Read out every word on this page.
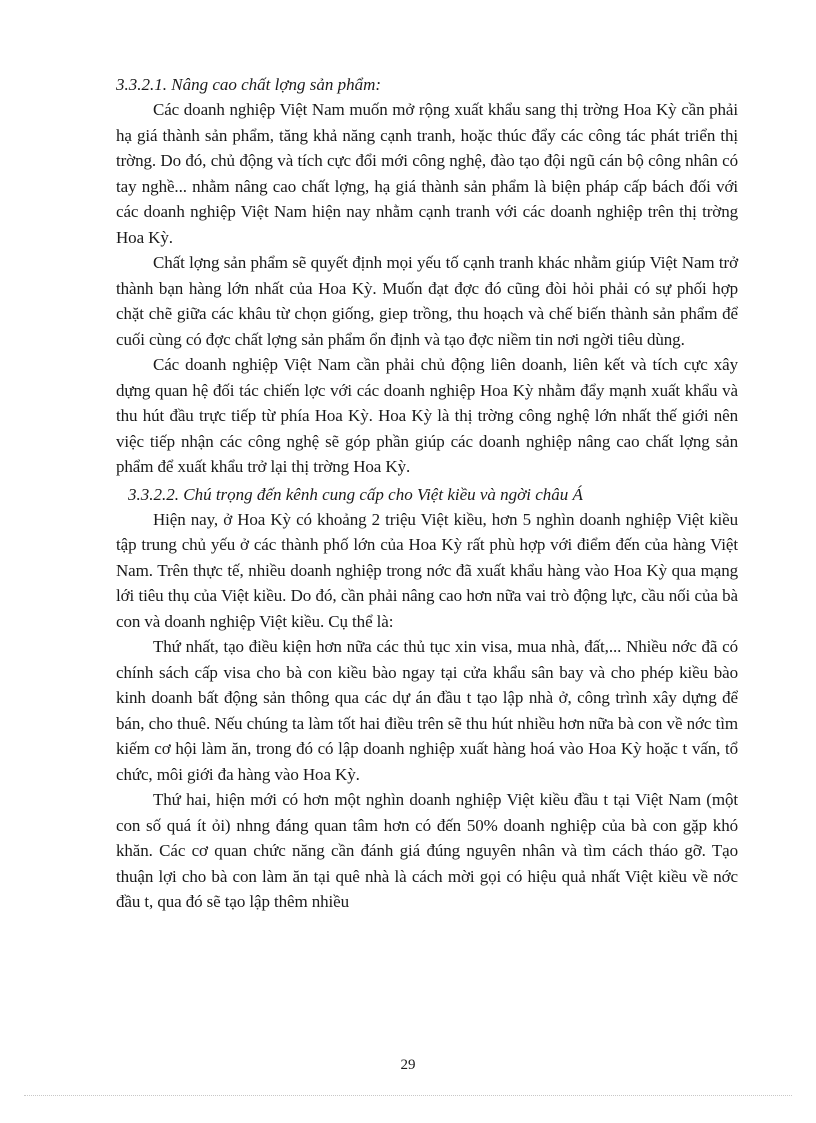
3.3.2.1. Nâng cao chất lợng sản phẩm:

Các doanh nghiệp Việt Nam muốn mở rộng xuất khẩu sang thị trờng Hoa Kỳ cần phải hạ giá thành sản phẩm, tăng khả năng cạnh tranh, hoặc thúc đẩy các công tác phát triển thị trờng. Do đó, chủ động và tích cực đổi mới công nghệ, đào tạo đội ngũ cán bộ công nhân có tay nghề... nhằm nâng cao chất lợng, hạ giá thành sản phẩm là biện pháp cấp bách đối với các doanh nghiệp Việt Nam hiện nay nhằm cạnh tranh với các doanh nghiệp trên thị trờng Hoa Kỳ.

Chất lợng sản phẩm sẽ quyết định mọi yếu tố cạnh tranh khác nhằm giúp Việt Nam trở thành bạn hàng lớn nhất của Hoa Kỳ. Muốn đạt đợc đó cũng đòi hỏi phải có sự phối hợp chặt chẽ giữa các khâu từ chọn giống, giep trồng, thu hoạch và chế biến thành sản phẩm để cuối cùng có đợc chất lợng sản phẩm ổn định và tạo đợc niềm tin nơi ngời tiêu dùng.

Các doanh nghiệp Việt Nam cần phải chủ động liên doanh, liên kết và tích cực xây dựng quan hệ đối tác chiến lợc với các doanh nghiệp Hoa Kỳ nhằm đẩy mạnh xuất khẩu và thu hút đầu trực tiếp từ phía Hoa Kỳ. Hoa Kỳ là thị trờng công nghệ lớn nhất thế giới nên việc tiếp nhận các công nghệ sẽ góp phần giúp các doanh nghiệp nâng cao chất lợng sản phẩm để xuất khẩu trở lại thị trờng Hoa Kỳ.

3.3.2.2. Chú trọng đến kênh cung cấp cho Việt kiều và ngời châu Á

Hiện nay, ở Hoa Kỳ có khoảng 2 triệu Việt kiều, hơn 5 nghìn doanh nghiệp Việt kiều tập trung chủ yếu ở các thành phố lớn của Hoa Kỳ rất phù hợp với điểm đến của hàng Việt Nam. Trên thực tế, nhiều doanh nghiệp trong nớc đã xuất khẩu hàng vào Hoa Kỳ qua mạng lới tiêu thụ của Việt kiều. Do đó, cần phải nâng cao hơn nữa vai trò động lực, cầu nối của bà con và doanh nghiệp Việt kiều. Cụ thể là:

Thứ nhất, tạo điều kiện hơn nữa các thủ tục xin visa, mua nhà, đất,... Nhiều nớc đã có chính sách cấp visa cho bà con kiều bào ngay tại cửa khẩu sân bay và cho phép kiều bào kinh doanh bất động sản thông qua các dự án đầu t tạo lập nhà ở, công trình xây dựng để bán, cho thuê. Nếu chúng ta làm tốt hai điều trên sẽ thu hút nhiều hơn nữa bà con về nớc tìm kiếm cơ hội làm ăn, trong đó có lập doanh nghiệp xuất hàng hoá vào Hoa Kỳ hoặc t vấn, tổ chức, môi giới đa hàng vào Hoa Kỳ.

Thứ hai, hiện mới có hơn một nghìn doanh nghiệp Việt kiều đầu t tại Việt Nam (một con số quá ít ỏi) nhng đáng quan tâm hơn có đến 50% doanh nghiệp của bà con gặp khó khăn. Các cơ quan chức năng cần đánh giá đúng nguyên nhân và tìm cách tháo gỡ. Tạo thuận lợi cho bà con làm ăn tại quê nhà là cách mời gọi có hiệu quả nhất Việt kiều về nớc đầu t, qua đó sẽ tạo lập thêm nhiều

29
